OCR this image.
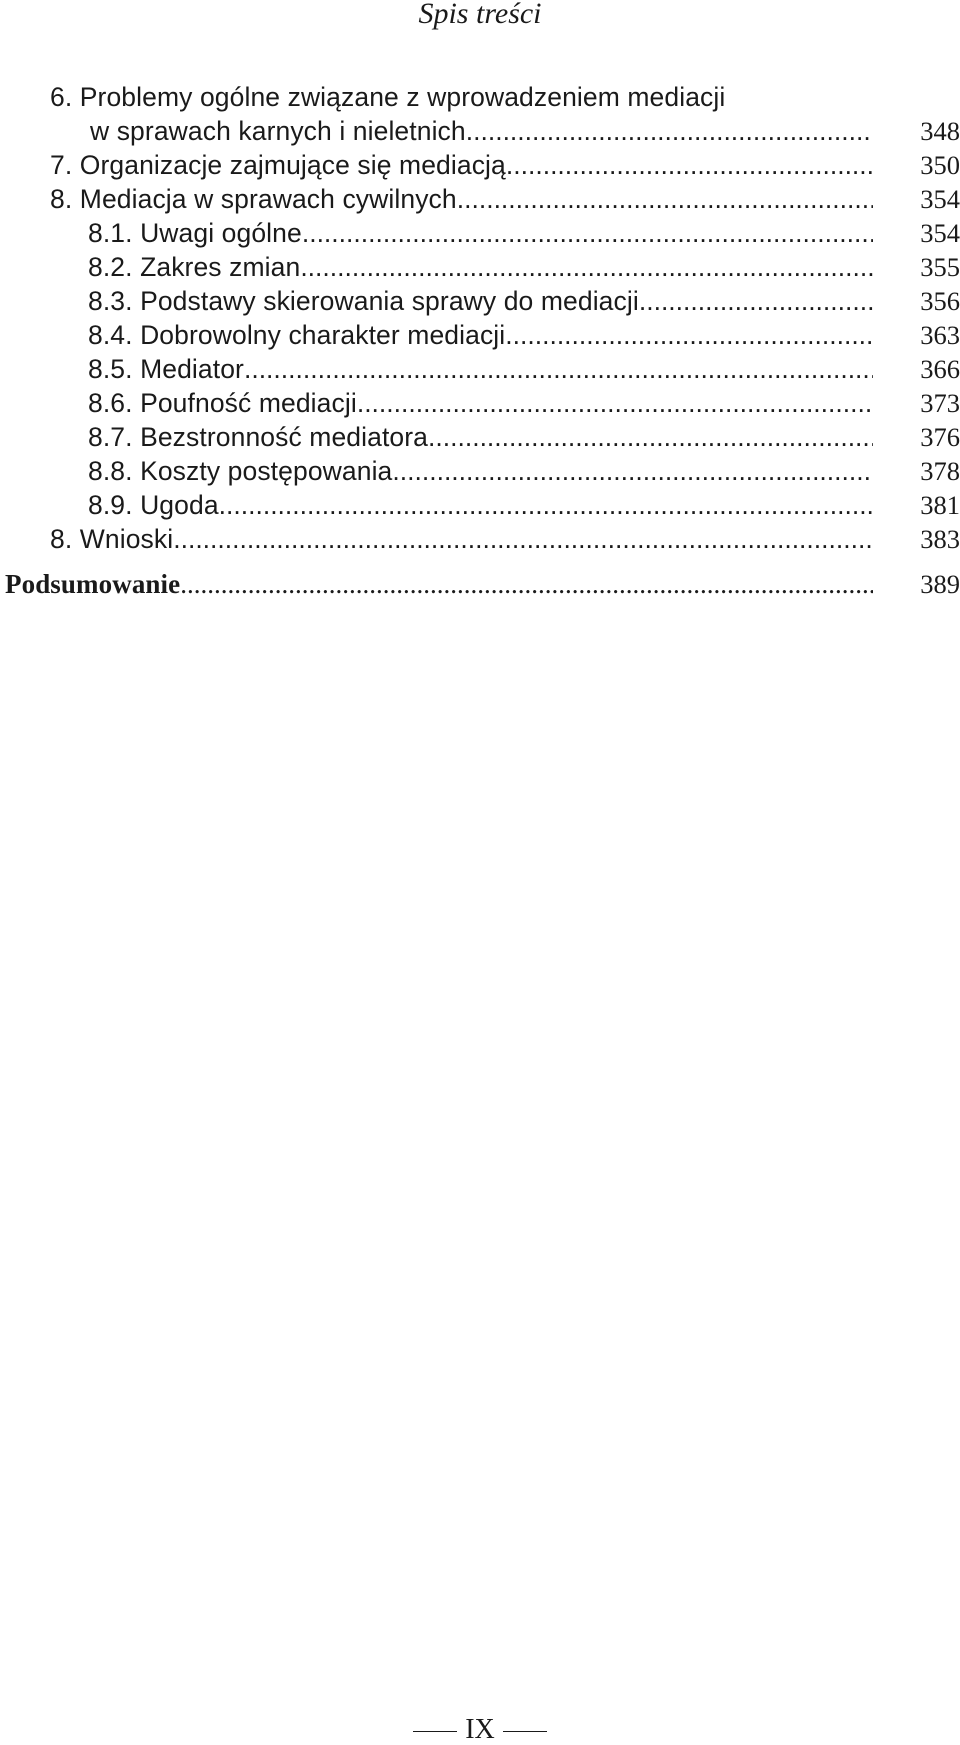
Spis treści
6. Problemy ogólne związane z wprowadzeniem mediacji
w sprawach karnych i nieletnich .....	348
7. Organizacje zajmujące się mediacją .....	350
8. Mediacja w sprawach cywilnych .....	354
8.1. Uwagi ogólne .....	354
8.2. Zakres zmian .....	355
8.3. Podstawy skierowania sprawy do mediacji .....	356
8.4. Dobrowolny charakter mediacji .....	363
8.5. Mediator .....	366
8.6. Poufność mediacji .....	373
8.7. Bezstronność mediatora .....	376
8.8. Koszty postępowania .....	378
8.9. Ugoda .....	381
8. Wnioski .....	383
Podsumowanie .....	389
IX
